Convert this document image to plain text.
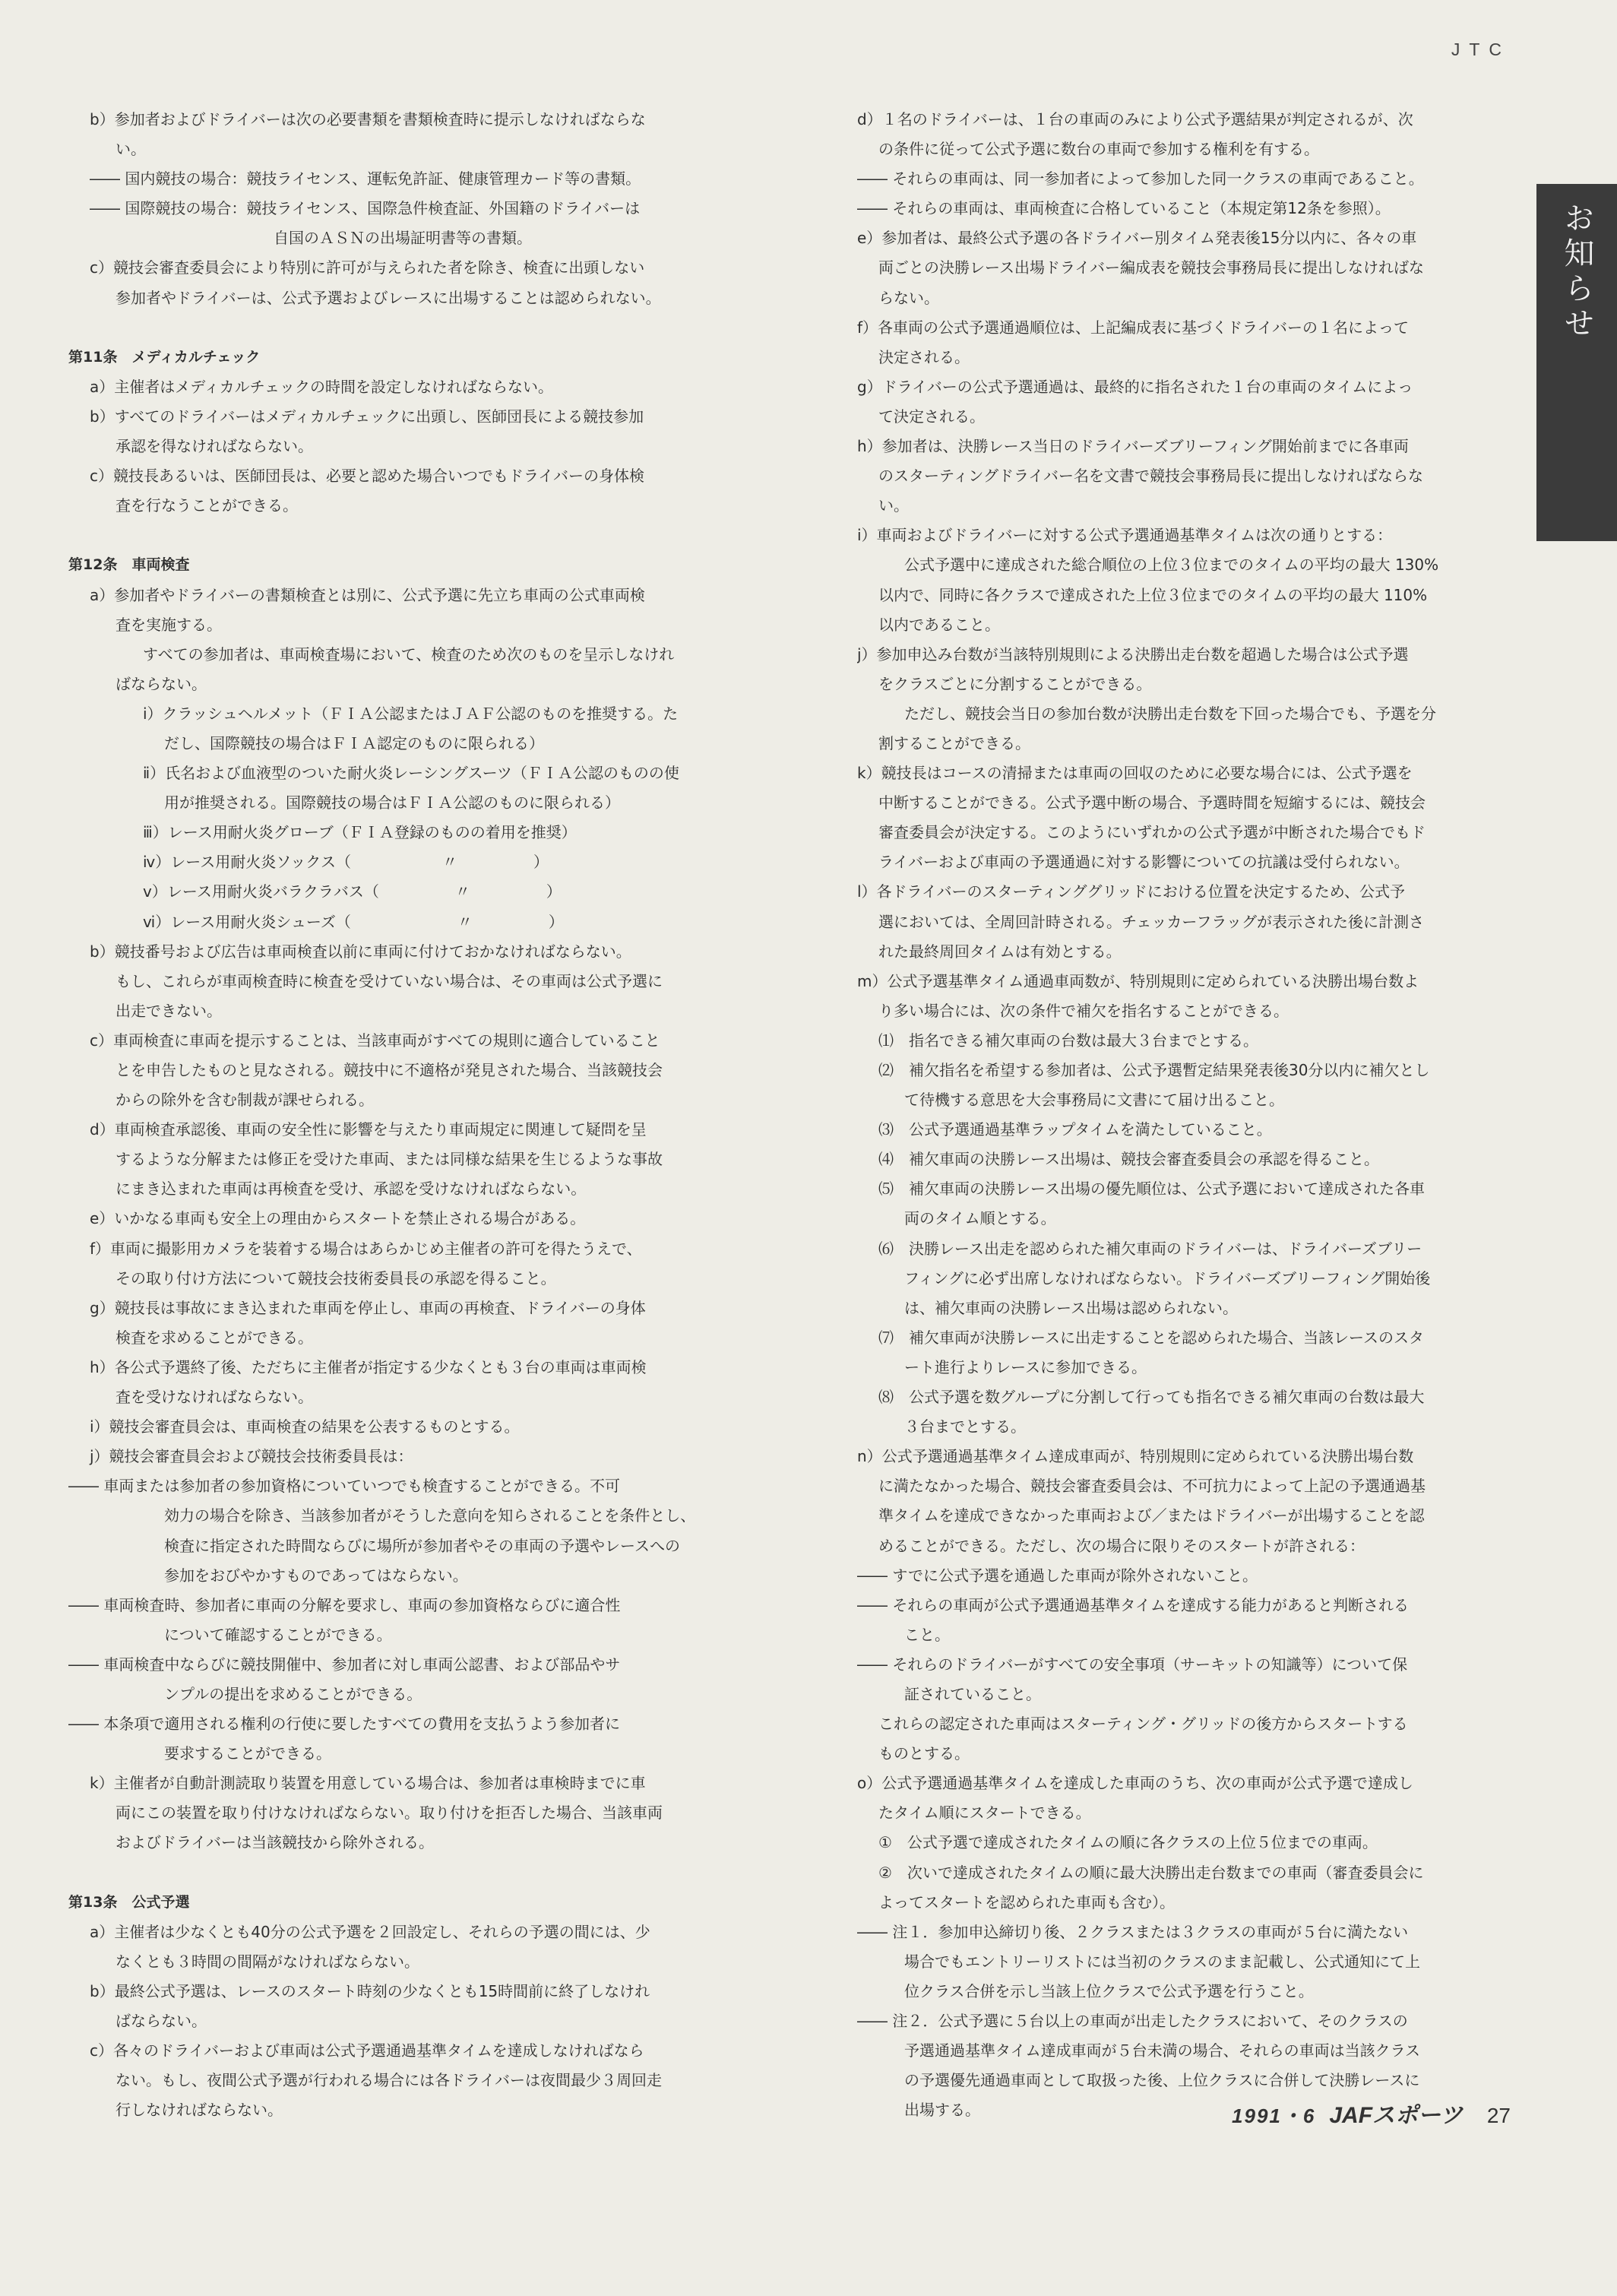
JTC
お知らせ
b）参加者およびドライバーは次の必要書類を書類検査時に提示しなければならな
い。
―― 国内競技の場合：競技ライセンス、運転免許証、健康管理カード等の書類。
―― 国際競技の場合：競技ライセンス、国際急件検査証、外国籍のドライバーは
自国のＡＳＮの出場証明書等の書類。
c）競技会審査委員会により特別に許可が与えられた者を除き、検査に出頭しない
参加者やドライバーは、公式予選およびレースに出場することは認められない。
第11条　メディカルチェック
a）主催者はメディカルチェックの時間を設定しなければならない。
b）すべてのドライバーはメディカルチェックに出頭し、医師団長による競技参加
承認を得なければならない。
c）競技長あるいは、医師団長は、必要と認めた場合いつでもドライバーの身体検
査を行なうことができる。
第12条　車両検査
a）参加者やドライバーの書類検査とは別に、公式予選に先立ち車両の公式車両検
査を実施する。
すべての参加者は、車両検査場において、検査のため次のものを呈示しなけれ
ばならない。
ⅰ）クラッシュヘルメット（ＦＩＡ公認またはＪＡＦ公認のものを推奨する。た
だし、国際競技の場合はＦＩＡ認定のものに限られる）
ⅱ）氏名および血液型のついた耐火炎レーシングスーツ（ＦＩＡ公認のものの使
用が推奨される。国際競技の場合はＦＩＡ公認のものに限られる）
ⅲ）レース用耐火炎グローブ（ＦＩＡ登録のものの着用を推奨）
ⅳ）レース用耐火炎ソックス（　　　　　　〃　　　　　）
ⅴ）レース用耐火炎バラクラバス（　　　　　〃　　　　　）
ⅵ）レース用耐火炎シューズ（　　　　　　　〃　　　　　）
b）競技番号および広告は車両検査以前に車両に付けておかなければならない。
もし、これらが車両検査時に検査を受けていない場合は、その車両は公式予選に
出走できない。
c）車両検査に車両を提示することは、当該車両がすべての規則に適合していること
とを申告したものと見なされる。競技中に不適格が発見された場合、当該競技会
からの除外を含む制裁が課せられる。
d）車両検査承認後、車両の安全性に影響を与えたり車両規定に関連して疑問を呈
するような分解または修正を受けた車両、または同様な結果を生じるような事故
にまき込まれた車両は再検査を受け、承認を受けなければならない。
e）いかなる車両も安全上の理由からスタートを禁止される場合がある。
f）車両に撮影用カメラを装着する場合はあらかじめ主催者の許可を得たうえで、
その取り付け方法について競技会技術委員長の承認を得ること。
g）競技長は事故にまき込まれた車両を停止し、車両の再検査、ドライバーの身体
検査を求めることができる。
h）各公式予選終了後、ただちに主催者が指定する少なくとも３台の車両は車両検
査を受けなければならない。
i）競技会審査員会は、車両検査の結果を公表するものとする。
j）競技会審査員会および競技会技術委員長は：
―― 車両または参加者の参加資格についていつでも検査することができる。不可
効力の場合を除き、当該参加者がそうした意向を知らされることを条件とし、
検査に指定された時間ならびに場所が参加者やその車両の予選やレースへの
参加をおびやかすものであってはならない。
―― 車両検査時、参加者に車両の分解を要求し、車両の参加資格ならびに適合性
について確認することができる。
―― 車両検査中ならびに競技開催中、参加者に対し車両公認書、および部品やサ
ンプルの提出を求めることができる。
―― 本条項で適用される権利の行使に要したすべての費用を支払うよう参加者に
要求することができる。
k）主催者が自動計測読取り装置を用意している場合は、参加者は車検時までに車
両にこの装置を取り付けなければならない。取り付けを拒否した場合、当該車両
およびドライバーは当該競技から除外される。
第13条　公式予選
a）主催者は少なくとも40分の公式予選を２回設定し、それらの予選の間には、少
なくとも３時間の間隔がなければならない。
b）最終公式予選は、レースのスタート時刻の少なくとも15時間前に終了しなけれ
ばならない。
c）各々のドライバーおよび車両は公式予選通過基準タイムを達成しなければなら
ない。もし、夜間公式予選が行われる場合には各ドライバーは夜間最少３周回走
行しなければならない。
d）１名のドライバーは、１台の車両のみにより公式予選結果が判定されるが、次
の条件に従って公式予選に数台の車両で参加する権利を有する。
―― それらの車両は、同一参加者によって参加した同一クラスの車両であること。
―― それらの車両は、車両検査に合格していること（本規定第12条を参照）。
e）参加者は、最終公式予選の各ドライバー別タイム発表後15分以内に、各々の車
両ごとの決勝レース出場ドライバー編成表を競技会事務局長に提出しなければな
らない。
f）各車両の公式予選通過順位は、上記編成表に基づくドライバーの１名によって
決定される。
g）ドライバーの公式予選通過は、最終的に指名された１台の車両のタイムによっ
て決定される。
h）参加者は、決勝レース当日のドライバーズブリーフィング開始前までに各車両
のスターティングドライバー名を文書で競技会事務局長に提出しなければならな
い。
i）車両およびドライバーに対する公式予選通過基準タイムは次の通りとする：
公式予選中に達成された総合順位の上位３位までのタイムの平均の最大 130%
以内で、同時に各クラスで達成された上位３位までのタイムの平均の最大 110%
以内であること。
j）参加申込み台数が当該特別規則による決勝出走台数を超過した場合は公式予選
をクラスごとに分割することができる。
ただし、競技会当日の参加台数が決勝出走台数を下回った場合でも、予選を分
割することができる。
k）競技長はコースの清掃または車両の回収のために必要な場合には、公式予選を
中断することができる。公式予選中断の場合、予選時間を短縮するには、競技会
審査委員会が決定する。このようにいずれかの公式予選が中断された場合でもド
ライバーおよび車両の予選通過に対する影響についての抗議は受付られない。
l）各ドライバーのスターティンググリッドにおける位置を決定するため、公式予
選においては、全周回計時される。チェッカーフラッグが表示された後に計測さ
れた最終周回タイムは有効とする。
m）公式予選基準タイム通過車両数が、特別規則に定められている決勝出場台数よ
り多い場合には、次の条件で補欠を指名することができる。
⑴　指名できる補欠車両の台数は最大３台までとする。
⑵　補欠指名を希望する参加者は、公式予選暫定結果発表後30分以内に補欠とし
て待機する意思を大会事務局に文書にて届け出ること。
⑶　公式予選通過基準ラップタイムを満たしていること。
⑷　補欠車両の決勝レース出場は、競技会審査委員会の承認を得ること。
⑸　補欠車両の決勝レース出場の優先順位は、公式予選において達成された各車
両のタイム順とする。
⑹　決勝レース出走を認められた補欠車両のドライバーは、ドライバーズブリー
フィングに必ず出席しなければならない。ドライバーズブリーフィング開始後
は、補欠車両の決勝レース出場は認められない。
⑺　補欠車両が決勝レースに出走することを認められた場合、当該レースのスタ
ート進行よりレースに参加できる。
⑻　公式予選を数グループに分割して行っても指名できる補欠車両の台数は最大
３台までとする。
n）公式予選通過基準タイム達成車両が、特別規則に定められている決勝出場台数
に満たなかった場合、競技会審査委員会は、不可抗力によって上記の予選通過基
準タイムを達成できなかった車両および／またはドライバーが出場することを認
めることができる。ただし、次の場合に限りそのスタートが許される：
―― すでに公式予選を通過した車両が除外されないこと。
―― それらの車両が公式予選通過基準タイムを達成する能力があると判断される
こと。
―― それらのドライバーがすべての安全事項（サーキットの知識等）について保
証されていること。
これらの認定された車両はスターティング・グリッドの後方からスタートする
ものとする。
o）公式予選通過基準タイムを達成した車両のうち、次の車両が公式予選で達成し
たタイム順にスタートできる。
①　公式予選で達成されたタイムの順に各クラスの上位５位までの車両。
②　次いで達成されたタイムの順に最大決勝出走台数までの車両（審査委員会に
よってスタートを認められた車両も含む）。
―― 注１．参加申込締切り後、２クラスまたは３クラスの車両が５台に満たない
場合でもエントリーリストには当初のクラスのまま記載し、公式通知にて上
位クラス合併を示し当該上位クラスで公式予選を行うこと。
―― 注２．公式予選に５台以上の車両が出走したクラスにおいて、そのクラスの
予選通過基準タイム達成車両が５台未満の場合、それらの車両は当該クラス
の予選優先通過車両として取扱った後、上位クラスに合併して決勝レースに
出場する。	1991・6 JAFスポーツ 27
